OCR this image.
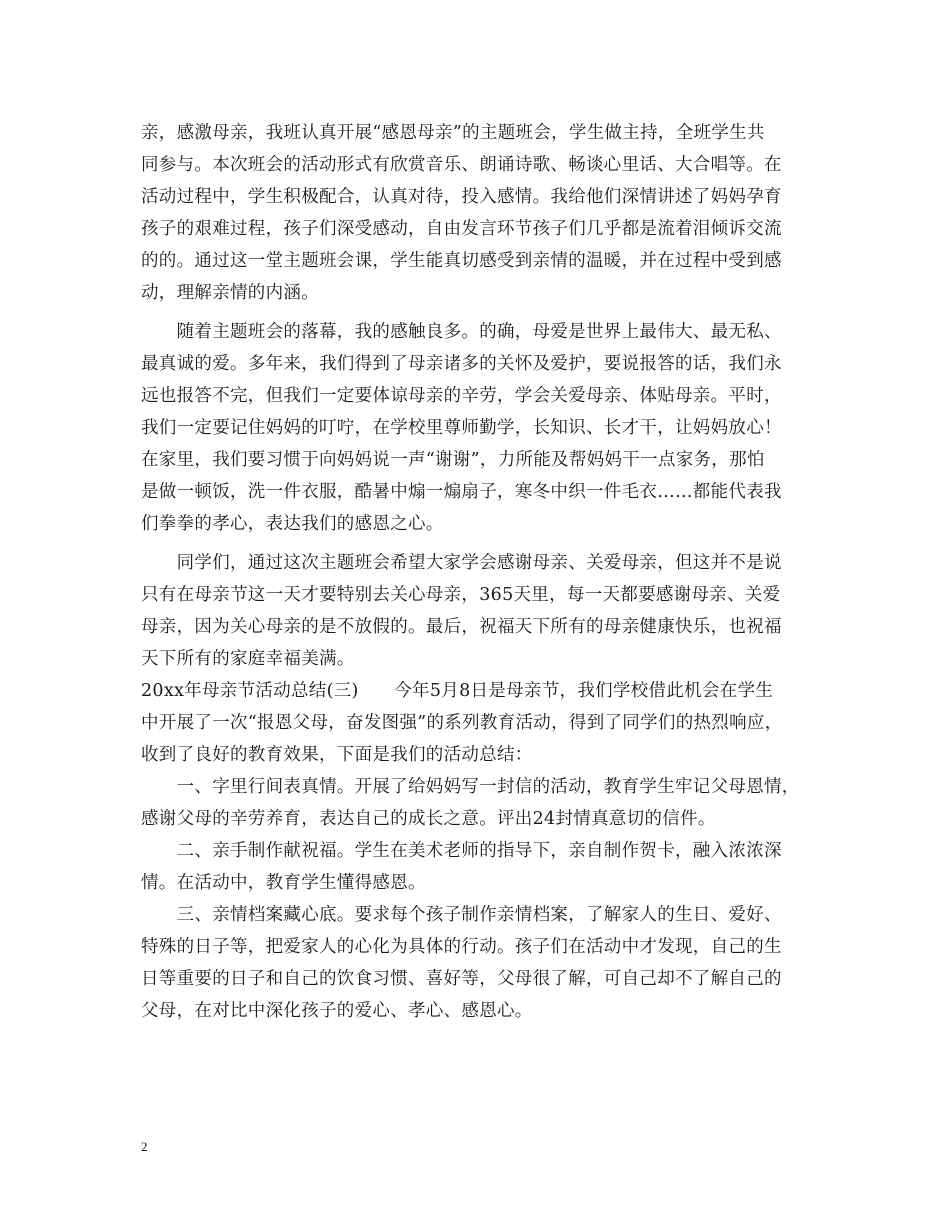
亲，感激母亲，我班认真开展“感恩母亲”的主题班会，学生做主持，全班学生共
同参与。本次班会的活动形式有欣赏音乐、朗诵诗歌、畅谈心里话、大合唱等。在
活动过程中，学生积极配合，认真对待，投入感情。我给他们深情讲述了妈妈孕育
孩子的艰难过程，孩子们深受感动，自由发言环节孩子们几乎都是流着泪倾诉交流
的的。通过这一堂主题班会课，学生能真切感受到亲情的温暖，并在过程中受到感
动，理解亲情的内涵。
　　随着主题班会的落幕，我的感触良多。的确，母爱是世界上最伟大、最无私、
最真诚的爱。多年来，我们得到了母亲诸多的关怀及爱护，要说报答的话，我们永
远也报答不完，但我们一定要体谅母亲的辛劳，学会关爱母亲、体贴母亲。平时，
我们一定要记住妈妈的叮咛，在学校里尊师勤学，长知识、长才干，让妈妈放心！
在家里，我们要习惯于向妈妈说一声“谢谢”，力所能及帮妈妈干一点家务，那怕
是做一顿饭，洗一件衣服，酷暑中煽一煽扇子，寒冬中织一件毛衣……都能代表我
们拳拳的孝心，表达我们的感恩之心。
　　同学们，通过这次主题班会希望大家学会感谢母亲、关爱母亲，但这并不是说
只有在母亲节这一天才要特别去关心母亲，365天里，每一天都要感谢母亲、关爱
母亲，因为关心母亲的是不放假的。最后，祝福天下所有的母亲健康快乐，也祝福
天下所有的家庭幸福美满。
20xx年母亲节活动总结(三)　　今年5月8日是母亲节，我们学校借此机会在学生
中开展了一次“报恩父母，奋发图强”的系列教育活动，得到了同学们的热烈响应，
收到了良好的教育效果，下面是我们的活动总结：
　　一、字里行间表真情。开展了给妈妈写一封信的活动，教育学生牢记父母恩情，
感谢父母的辛劳养育，表达自己的成长之意。评出24封情真意切的信件。
　　二、亲手制作献祝福。学生在美术老师的指导下，亲自制作贺卡，融入浓浓深
情。在活动中，教育学生懂得感恩。
　　三、亲情档案藏心底。要求每个孩子制作亲情档案，了解家人的生日、爱好、
特殊的日子等，把爱家人的心化为具体的行动。孩子们在活动中才发现，自己的生
日等重要的日子和自己的饮食习惯、喜好等，父母很了解，可自己却不了解自己的
父母，在对比中深化孩子的爱心、孝心、感恩心。
2
